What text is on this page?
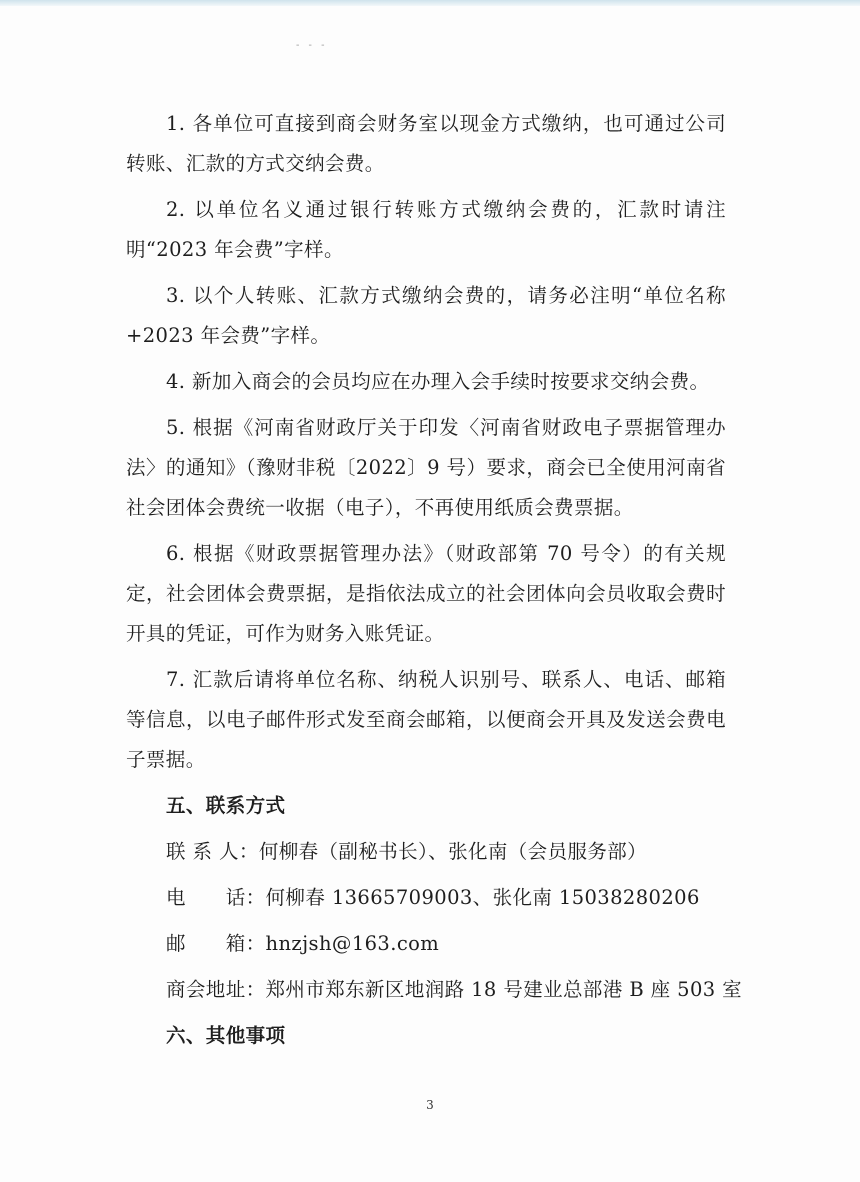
- - -

1. 各单位可直接到商会财务室以现金方式缴纳，也可通过公司转账、汇款的方式交纳会费。

2. 以单位名义通过银行转账方式缴纳会费的，汇款时请注明“2023 年会费”字样。

3. 以个人转账、汇款方式缴纳会费的，请务必注明“单位名称+2023 年会费”字样。

4. 新加入商会的会员均应在办理入会手续时按要求交纳会费。

5. 根据《河南省财政厅关于印发〈河南省财政电子票据管理办法〉的通知》（豫财非税〔2022〕9 号）要求，商会已全使用河南省社会团体会费统一收据（电子），不再使用纸质会费票据。

6. 根据《财政票据管理办法》（财政部第 70 号令）的有关规定，社会团体会费票据，是指依法成立的社会团体向会员收取会费时开具的凭证，可作为财务入账凭证。

7. 汇款后请将单位名称、纳税人识别号、联系人、电话、邮箱等信息，以电子邮件形式发至商会邮箱，以便商会开具及发送会费电子票据。

五、联系方式

联 系 人：何柳春（副秘书长）、张化南（会员服务部）

电　　话：何柳春 13665709003、张化南 15038280206

邮　　箱：hnzjsh@163.com

商会地址：郑州市郑东新区地润路 18 号建业总部港 B 座 503 室

六、其他事项

3
